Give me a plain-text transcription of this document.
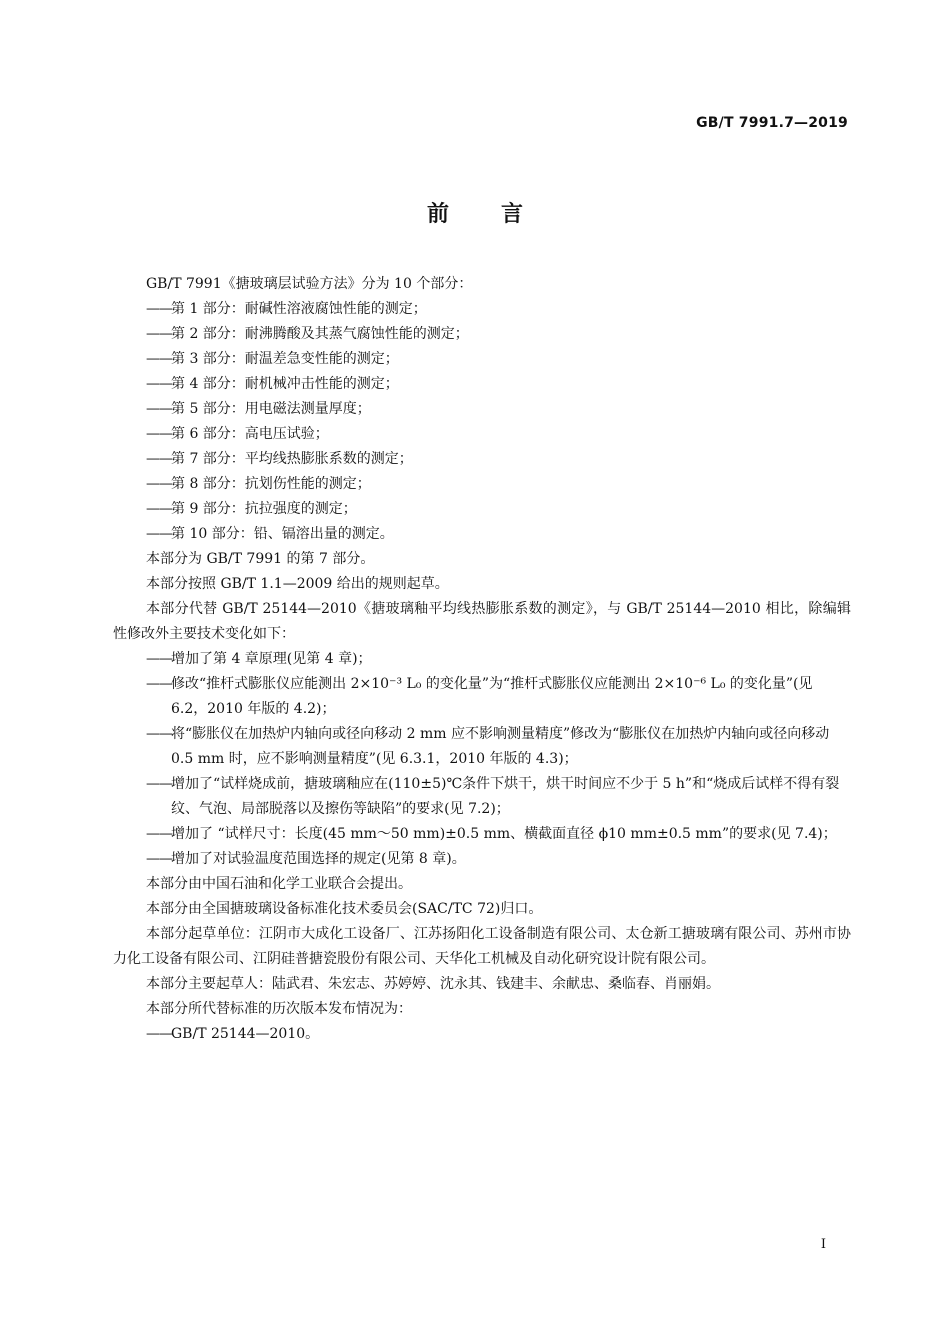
GB/T 7991.7—2019
前言

GB/T 7991《搪玻璃层试验方法》分为 10 个部分：

——第 1 部分：耐碱性溶液腐蚀性能的测定；

——第 2 部分：耐沸腾酸及其蒸气腐蚀性能的测定；

——第 3 部分：耐温差急变性能的测定；

——第 4 部分：耐机械冲击性能的测定；

——第 5 部分：用电磁法测量厚度；

——第 6 部分：高电压试验；

——第 7 部分：平均线热膨胀系数的测定；

——第 8 部分：抗划伤性能的测定；

——第 9 部分：抗拉强度的测定；

——第 10 部分：铅、镉溶出量的测定。

本部分为 GB/T 7991 的第 7 部分。

本部分按照 GB/T 1.1—2009 给出的规则起草。

本部分代替 GB/T 25144—2010《搪玻璃釉平均线热膨胀系数的测定》，与 GB/T 25144—2010 相比，除编辑性修改外主要技术变化如下：

——增加了第 4 章原理(见第 4 章)；

——修改“推杆式膨胀仪应能测出 2×10⁻³ L₀ 的变化量”为“推杆式膨胀仪应能测出 2×10⁻⁶ L₀ 的变化量”(见 6.2，2010 年版的 4.2)；

——将“膨胀仪在加热炉内轴向或径向移动 2 mm 应不影响测量精度”修改为“膨胀仪在加热炉内轴向或径向移动 0.5 mm 时，应不影响测量精度”(见 6.3.1，2010 年版的 4.3)；

——增加了“试样烧成前，搪玻璃釉应在(110±5)℃条件下烘干，烘干时间应不少于 5 h”和“烧成后试样不得有裂纹、气泡、局部脱落以及擦伤等缺陷”的要求(见 7.2)；

——增加了 “试样尺寸：长度(45 mm～50 mm)±0.5 mm、横截面直径 ϕ10 mm±0.5 mm”的要求(见 7.4)；

——增加了对试验温度范围选择的规定(见第 8 章)。

本部分由中国石油和化学工业联合会提出。

本部分由全国搪玻璃设备标准化技术委员会(SAC/TC 72)归口。

本部分起草单位：江阴市大成化工设备厂、江苏扬阳化工设备制造有限公司、太仓新工搪玻璃有限公司、苏州市协力化工设备有限公司、江阴硅普搪瓷股份有限公司、天华化工机械及自动化研究设计院有限公司。

本部分主要起草人：陆武君、朱宏志、苏婷婷、沈永其、钱建丰、余献忠、桑临春、肖丽娟。

本部分所代替标准的历次版本发布情况为：

——GB/T 25144—2010。

I
